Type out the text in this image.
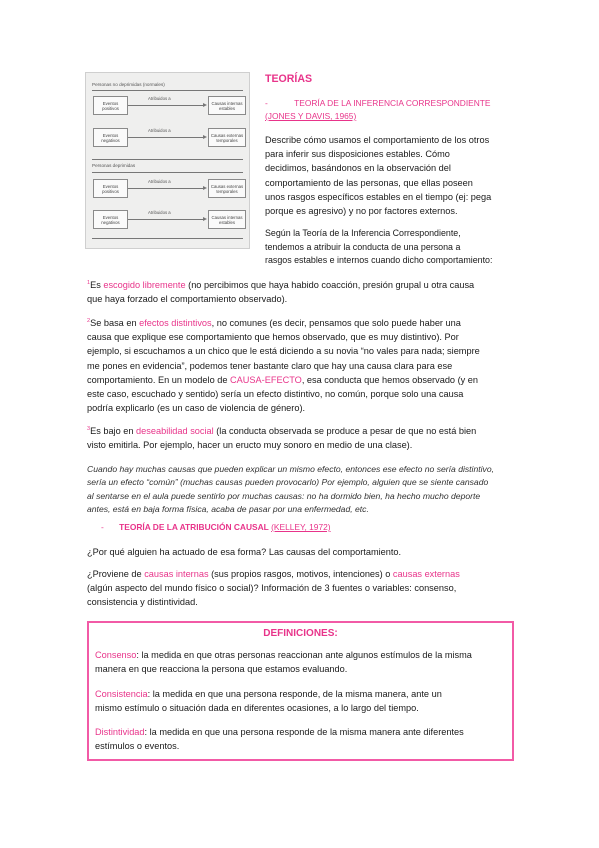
Personas no deprimidas (normales)
Eventos positivos
Atribuidos a
Causas internas estables
Eventos negativos
Atribuidos a
Causas externas temporales
Personas deprimidas
Eventos positivos
Atribuidos a
Causas externas temporales
Eventos negativos
Atribuidos a
Causas internas estables
TEORÍAS
-	TEORÍA DE LA INFERENCIA CORRESPONDIENTE
(JONES Y DAVIS, 1965)
Describe cómo usamos el comportamiento de los otros
para inferir sus disposiciones estables. Cómo
decidimos, basándonos en la observación del
comportamiento de las personas, que ellas poseen
unos rasgos específicos estables en el tiempo (ej: pega
porque es agresivo) y no por factores externos.
Según la Teoría de la Inferencia Correspondiente,
tendemos a atribuir la conducta de una persona a
rasgos estables e internos cuando dicho comportamiento:
$^1$Es escogido libremente (no percibimos que haya habido coacción, presión grupal u otra causa
que haya forzado el comportamiento observado).
$^2$Se basa en efectos distintivos, no comunes (es decir, pensamos que solo puede haber una
causa que explique ese comportamiento que hemos observado, que es muy distintivo). Por
ejemplo, si escuchamos a un chico que le está diciendo a su novia “no vales para nada; siempre
me pones en evidencia”, podemos tener bastante claro que hay una causa clara para ese
comportamiento. En un modelo de CAUSA-EFECTO, esa conducta que hemos observado (y en
este caso, escuchado y sentido) sería un efecto distintivo, no común, porque solo una causa
podría explicarlo (es un caso de violencia de género).
$^3$Es bajo en deseabilidad social (la conducta observada se produce a pesar de que no está bien
visto emitirla. Por ejemplo, hacer un eructo muy sonoro en medio de una clase).
Cuando hay muchas causas que pueden explicar un mismo efecto, entonces ese efecto no sería distintivo,
sería un efecto “común” (muchas causas pueden provocarlo) Por ejemplo, alguien que se siente cansado
al sentarse en el aula puede sentirlo por muchas causas: no ha dormido bien, ha hecho mucho deporte
antes, está en baja forma física, acaba de pasar por una enfermedad, etc.
- TEORÍA DE LA ATRIBUCIÓN CAUSAL (KELLEY, 1972)
¿Por qué alguien ha actuado de esa forma? Las causas del comportamiento.
¿Proviene de causas internas (sus propios rasgos, motivos, intenciones) o causas externas
(algún aspecto del mundo físico o social)? Información de 3 fuentes o variables: consenso,
consistencia y distintividad.
DEFINICIONES:
Consenso: la medida en que otras personas reaccionan ante algunos estímulos de la misma
manera en que reacciona la persona que estamos evaluando.
Consistencia: la medida en que una persona responde, de la misma manera, ante un
mismo estímulo o situación dada en diferentes ocasiones, a lo largo del tiempo.
Distintividad: la medida en que una persona responde de la misma manera ante diferentes
estímulos o eventos.
